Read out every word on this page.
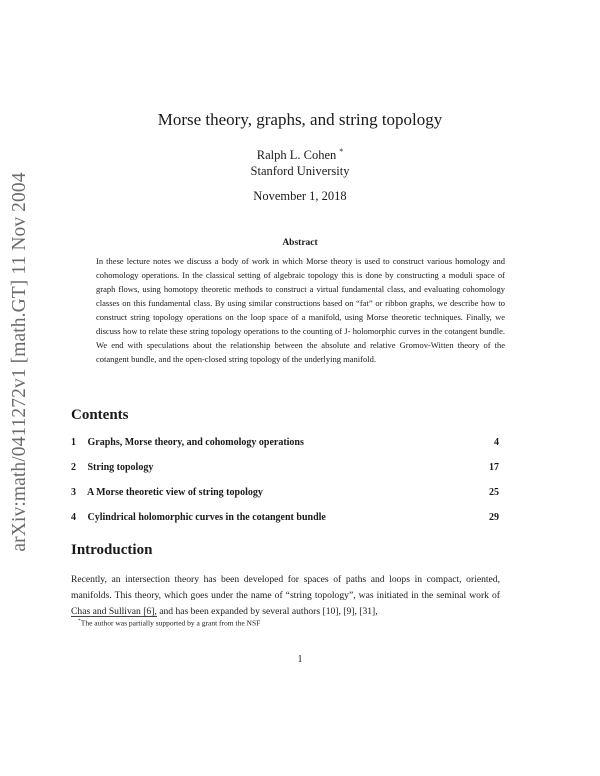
arXiv:math/0411272v1 [math.GT] 11 Nov 2004
Morse theory, graphs, and string topology
Ralph L. Cohen *
Stanford University
November 1, 2018
Abstract
In these lecture notes we discuss a body of work in which Morse theory is used to construct various homology and cohomology operations. In the classical setting of algebraic topology this is done by constructing a moduli space of graph flows, using homotopy theoretic methods to construct a virtual fundamental class, and evaluating cohomology classes on this fundamental class. By using similar constructions based on “fat” or ribbon graphs, we describe how to construct string topology operations on the loop space of a manifold, using Morse theoretic techniques. Finally, we discuss how to relate these string topology operations to the counting of J- holomorphic curves in the cotangent bundle. We end with speculations about the relationship between the absolute and relative Gromov-Witten theory of the cotangent bundle, and the open-closed string topology of the underlying manifold.
Contents
1 Graphs, Morse theory, and cohomology operations	4
2 String topology	17
3 A Morse theoretic view of string topology	25
4 Cylindrical holomorphic curves in the cotangent bundle	29
Introduction
Recently, an intersection theory has been developed for spaces of paths and loops in compact, oriented, manifolds. This theory, which goes under the name of “string topology”, was initiated in the seminal work of Chas and Sullivan [6], and has been expanded by several authors [10], [9], [31],
*The author was partially supported by a grant from the NSF
1
